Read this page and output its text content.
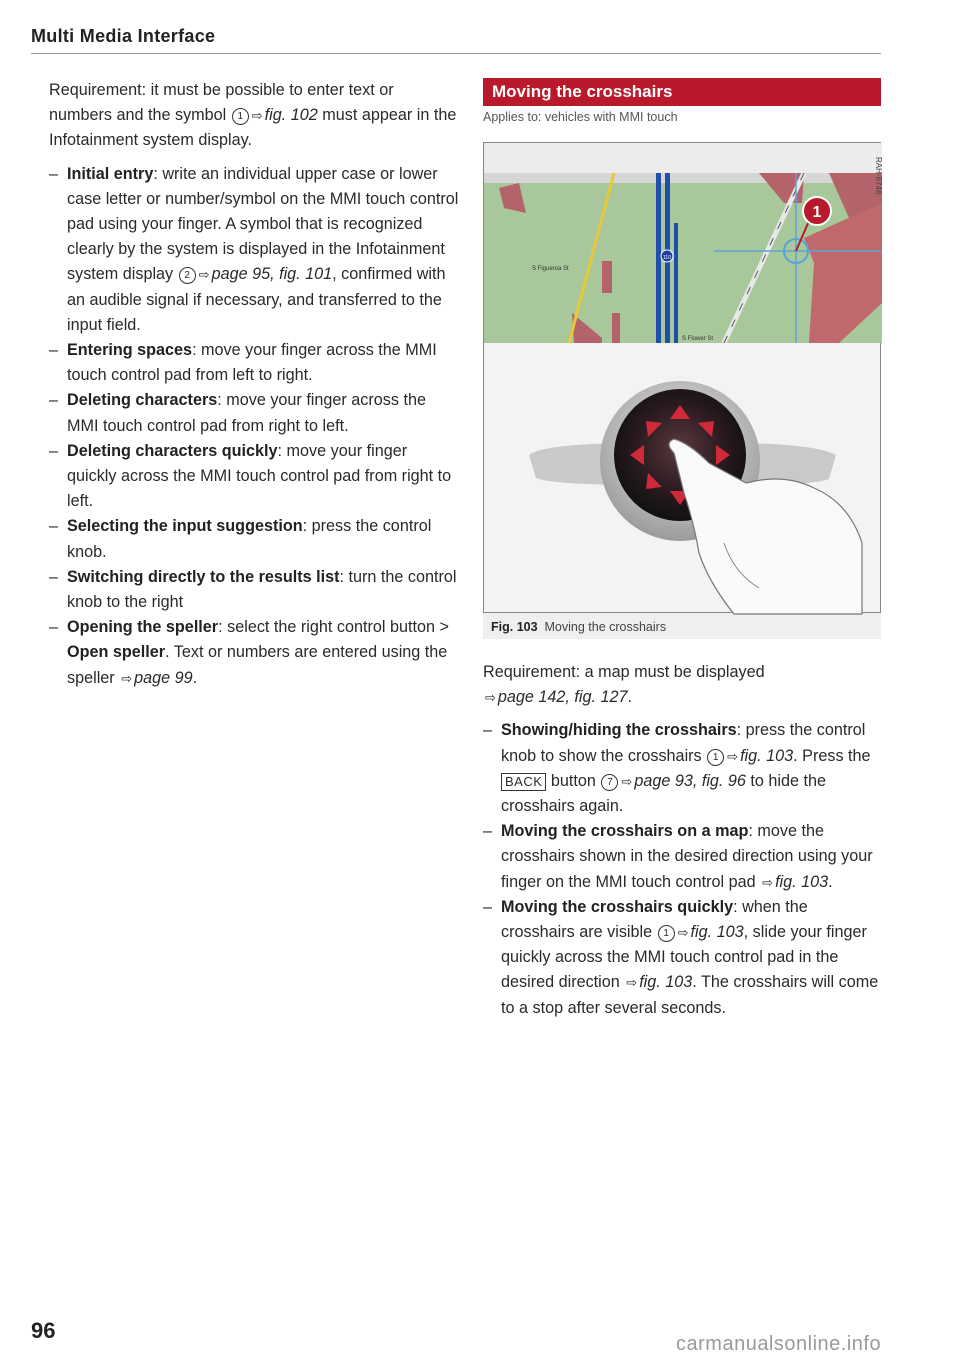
Multi Media Interface

Requirement: it must be possible to enter text or numbers and the symbol 1 ⇨ fig. 102 must appear in the Infotainment system display.

– Initial entry: write an individual upper case or lower case letter or number/symbol on the MMI touch control pad using your finger. A symbol that is recognized clearly by the system is displayed in the Infotainment system display 2 ⇨ page 95, fig. 101, confirmed with an audible signal if necessary, and transferred to the input field.
– Entering spaces: move your finger across the MMI touch control pad from left to right.
– Deleting characters: move your finger across the MMI touch control pad from right to left.
– Deleting characters quickly: move your finger quickly across the MMI touch control pad from right to left.
– Selecting the input suggestion: press the control knob.
– Switching directly to the results list: turn the control knob to the right
– Opening the speller: select the right control button > Open speller. Text or numbers are entered using the speller ⇨ page 99.
Moving the crosshairs
Applies to: vehicles with MMI touch
110
S Figueroa St
S Flower St
1
RAH-8748
Fig. 103 Moving the crosshairs

Requirement: a map must be displayed
⇨ page 142, fig. 127.

– Showing/hiding the crosshairs: press the control knob to show the crosshairs 1 ⇨ fig. 103. Press the BACK button 7 ⇨ page 93, fig. 96 to hide the crosshairs again.
– Moving the crosshairs on a map: move the crosshairs shown in the desired direction using your finger on the MMI touch control pad ⇨ fig. 103.
– Moving the crosshairs quickly: when the crosshairs are visible 1 ⇨ fig. 103, slide your finger quickly across the MMI touch control pad in the desired direction ⇨ fig. 103. The crosshairs will come to a stop after several seconds.
96
carmanualsonline.info
